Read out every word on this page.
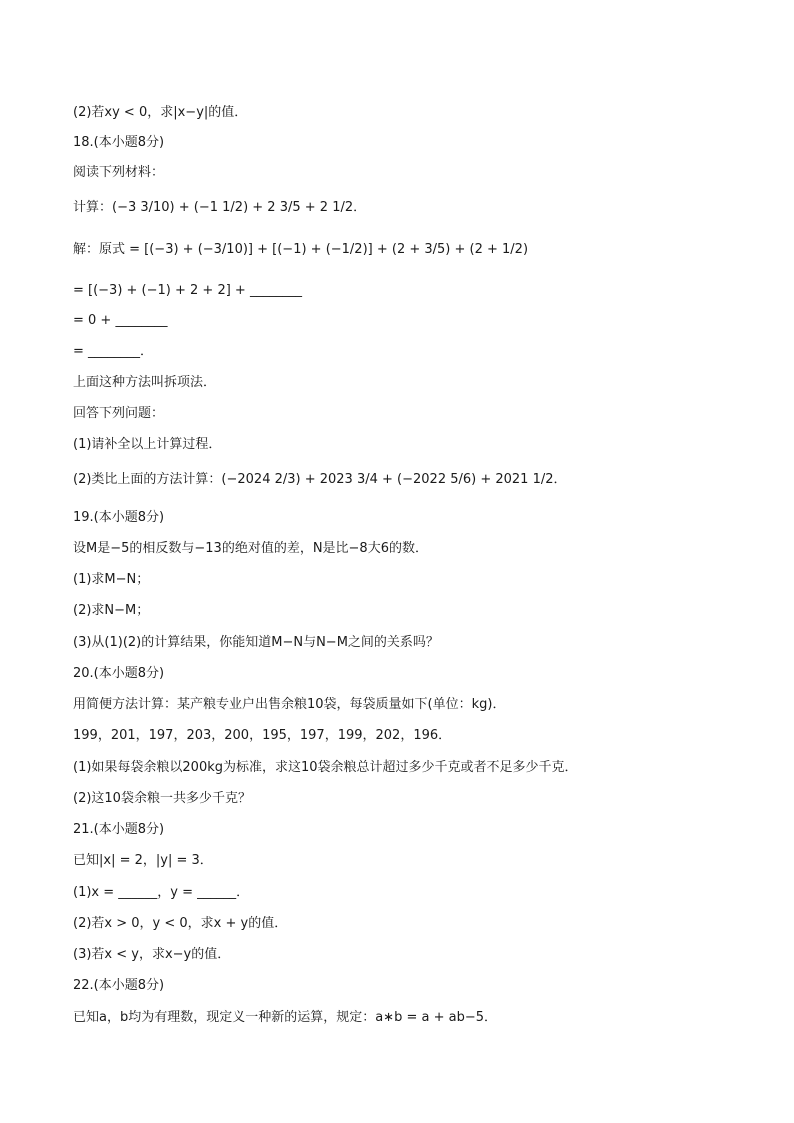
(2)若xy < 0，求|x−y|的值．
18.(本小题8分)
阅读下列材料：
计算：(−3 3/10) + (−1 1/2) + 2 3/5 + 2 1/2．
解：原式 = [(−3) + (−3/10)] + [(−1) + (−1/2)] + (2 + 3/5) + (2 + 1/2)
= [(−3) + (−1) + 2 + 2] + ________
= 0 + ________
= ________．
上面这种方法叫拆项法．
回答下列问题：
(1)请补全以上计算过程．
(2)类比上面的方法计算：(−2024 2/3) + 2023 3/4 + (−2022 5/6) + 2021 1/2．
19.(本小题8分)
设M是−5的相反数与−13的绝对值的差，N是比−8大6的数．
(1)求M−N；
(2)求N−M；
(3)从(1)(2)的计算结果，你能知道M−N与N−M之间的关系吗？
20.(本小题8分)
用简便方法计算：某产粮专业户出售余粮10袋，每袋质量如下(单位：kg)．
199，201，197，203，200，195，197，199，202，196．
(1)如果每袋余粮以200kg为标准，求这10袋余粮总计超过多少千克或者不足多少千克．
(2)这10袋余粮一共多少千克？
21.(本小题8分)
已知|x| = 2，|y| = 3．
(1)x = ______，y = ______．
(2)若x > 0，y < 0，求x + y的值．
(3)若x < y，求x−y的值．
22.(本小题8分)
已知a，b均为有理数，现定义一种新的运算，规定：a∗b = a + ab−5．
